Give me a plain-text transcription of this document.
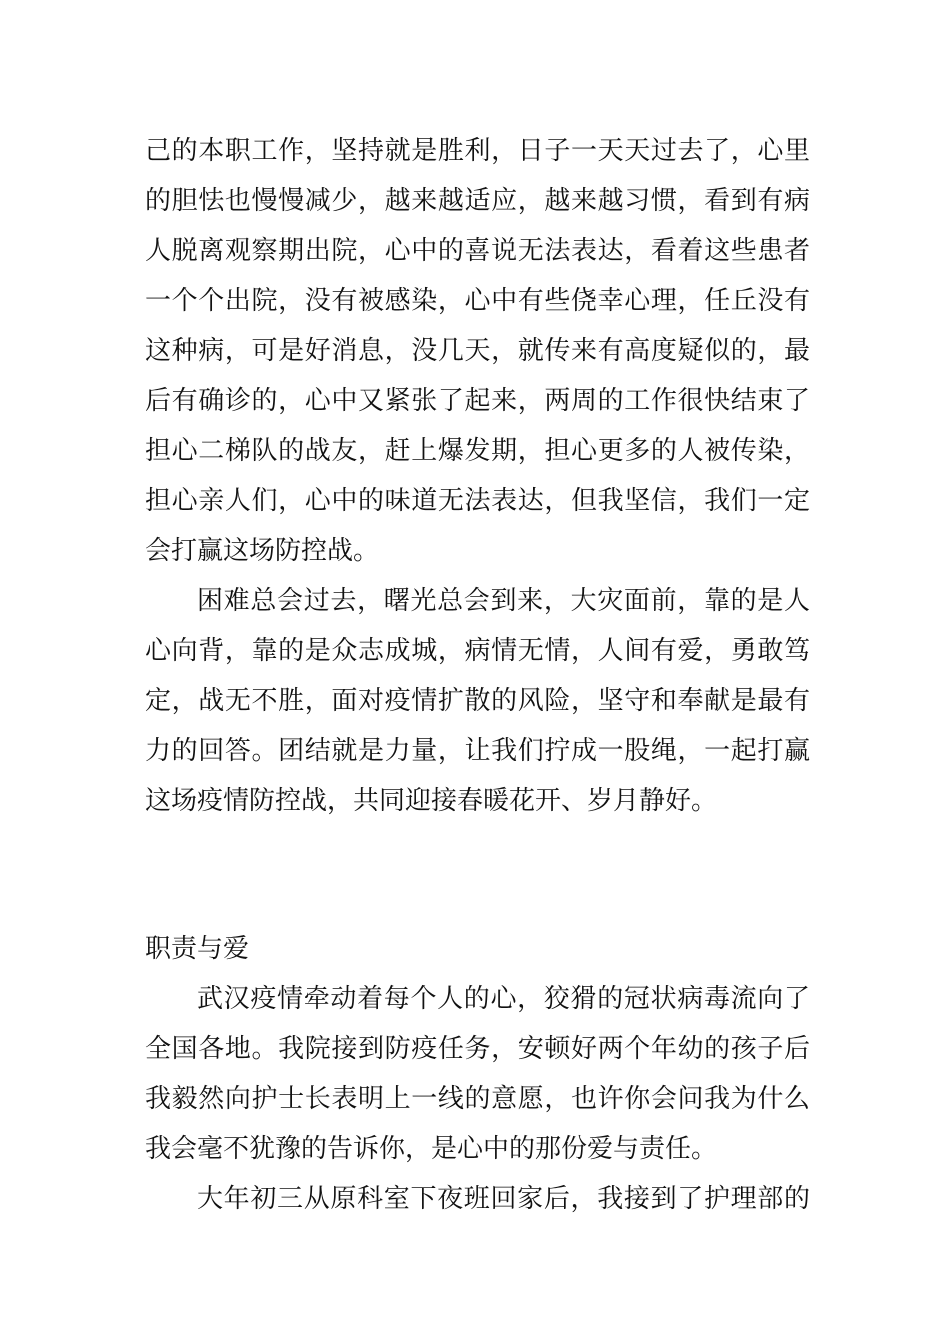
己的本职工作，坚持就是胜利，日子一天天过去了，心里
的胆怯也慢慢减少，越来越适应，越来越习惯，看到有病
人脱离观察期出院，心中的喜说无法表达，看着这些患者
一个个出院，没有被感染，心中有些侥幸心理，任丘没有
这种病，可是好消息，没几天，就传来有高度疑似的，最
后有确诊的，心中又紧张了起来，两周的工作很快结束了
担心二梯队的战友，赶上爆发期，担心更多的人被传染，
担心亲人们，心中的味道无法表达，但我坚信，我们一定
会打赢这场防控战。
困难总会过去，曙光总会到来，大灾面前，靠的是人
心向背，靠的是众志成城，病情无情，人间有爱，勇敢笃
定，战无不胜，面对疫情扩散的风险，坚守和奉献是最有
力的回答。团结就是力量，让我们拧成一股绳，一起打赢
这场疫情防控战，共同迎接春暖花开、岁月静好。
职责与爱
武汉疫情牵动着每个人的心，狡猾的冠状病毒流向了
全国各地。我院接到防疫任务，安顿好两个年幼的孩子后
我毅然向护士长表明上一线的意愿，也许你会问我为什么
我会毫不犹豫的告诉你，是心中的那份爱与责任。
大年初三从原科室下夜班回家后，我接到了护理部的
